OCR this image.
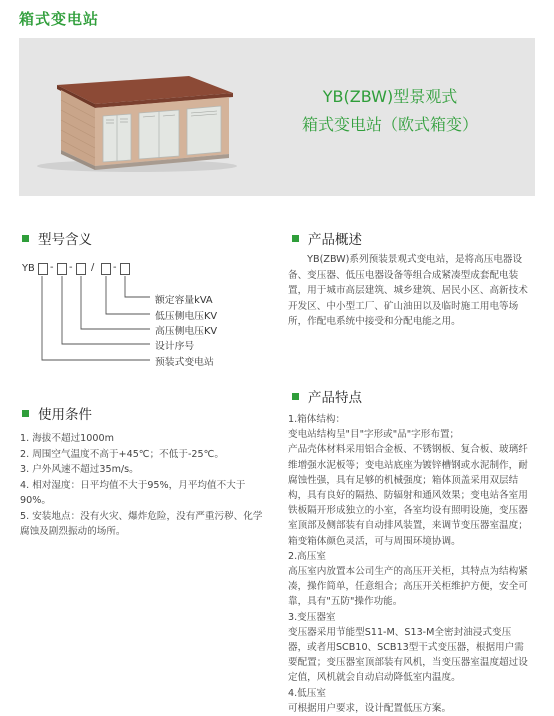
箱式变电站
YB(ZBW)型景观式
箱式变电站（欧式箱变）
型号含义
YB - - / -
额定容量kVA
低压侧电压KV
高压侧电压KV
设计序号
预装式变电站
产品概述
　　YB(ZBW)系列预装景观式变电站，是将高压电器设
备、变压器、低压电器设备等组合成紧凑型成套配电装
置，用于城市高层建筑、城乡建筑、居民小区、高新技术
开发区、中小型工厂、矿山油田以及临时施工用电等场
所，作配电系统中接受和分配电能之用。
使用条件
1. 海拔不超过1000m
2. 周围空气温度不高于+45℃；不低于-25℃。
3. 户外风速不超过35m/s。
4. 相对湿度：日平均值不大于95%，月平均值不大于
90%。
5. 安装地点：没有火灾、爆炸危险，没有严重污秽、化学
腐蚀及剧烈振动的场所。
产品特点
1.箱体结构：
变电站结构呈"目"字形或"品"字形布置；
产品壳体材料采用铝合金板、不锈钢板、复合板、玻璃纤
维增强水泥板等；变电站底座为镀锌槽钢或水泥制作，耐
腐蚀性强，具有足够的机械强度；箱体顶盖采用双层结
构，具有良好的隔热、防辐射和通风效果；变电站各室用
铁板隔开形成独立的小室，各室均设有照明设施，变压器
室顶部及侧部装有自动排风装置，来调节变压器室温度；
箱变箱体颜色灵活，可与周围环境协调。
2.高压室
高压室内放置本公司生产的高压开关柜，其特点为结构紧
凑，操作简单，任意组合；高压开关柜维护方便，安全可
靠，具有"五防"操作功能。
3.变压器室
变压器采用节能型S11-M、S13-M全密封油浸式变压
器，或者用SCB10、SCB13型干式变压器，根据用户需
要配置；变压器室顶部装有风机，当变压器室温度超过设
定值，风机就会自动启动降低室内温度。
4.低压室
可根据用户要求，设计配置低压方案。
